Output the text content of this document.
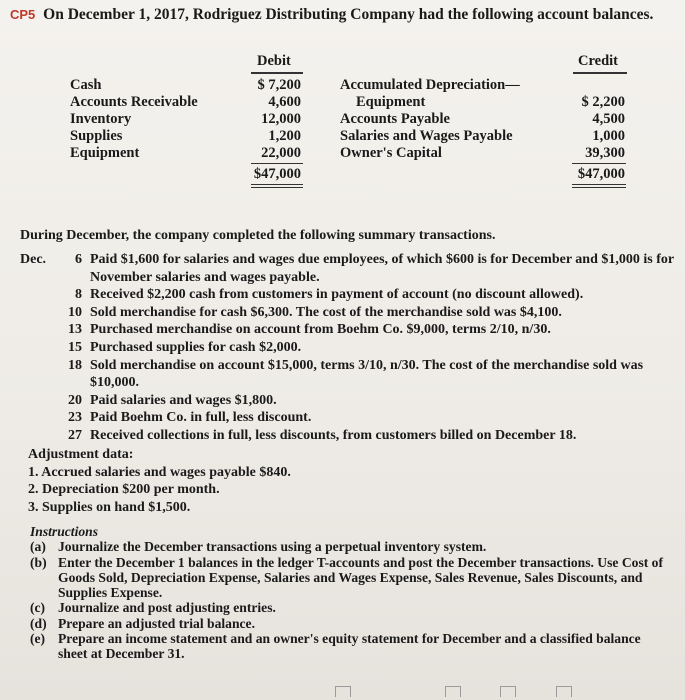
CP5 On December 1, 2017, Rodriguez Distributing Company had the following account balances.
Debit	Credit
Cash
Accounts Receivable
Inventory
Supplies
Equipment
$ 7,200
4,600
12,000
1,200
22,000
$47,000
Accumulated Depreciation—
Equipment
Accounts Payable
Salaries and Wages Payable
Owner's Capital
$ 2,200
4,500
1,000
39,300
$47,000
During December, the company completed the following summary transactions.
Dec.	6 Paid $1,600 for salaries and wages due employees, of which $600 is for December and $1,000 is for November salaries and wages payable.
8 Received $2,200 cash from customers in payment of account (no discount allowed).
10 Sold merchandise for cash $6,300. The cost of the merchandise sold was $4,100.
13 Purchased merchandise on account from Boehm Co. $9,000, terms 2/10, n/30.
15 Purchased supplies for cash $2,000.
18 Sold merchandise on account $15,000, terms 3/10, n/30. The cost of the merchandise sold was $10,000.
20 Paid salaries and wages $1,800.
23 Paid Boehm Co. in full, less discount.
27 Received collections in full, less discounts, from customers billed on December 18.
Adjustment data:
1. Accrued salaries and wages payable $840.
2. Depreciation $200 per month.
3. Supplies on hand $1,500.
Instructions
(a) Journalize the December transactions using a perpetual inventory system.
(b) Enter the December 1 balances in the ledger T-accounts and post the December transactions. Use Cost of Goods Sold, Depreciation Expense, Salaries and Wages Expense, Sales Revenue, Sales Discounts, and Supplies Expense.
(c) Journalize and post adjusting entries.
(d) Prepare an adjusted trial balance.
(e) Prepare an income statement and an owner's equity statement for December and a classified balance sheet at December 31.
